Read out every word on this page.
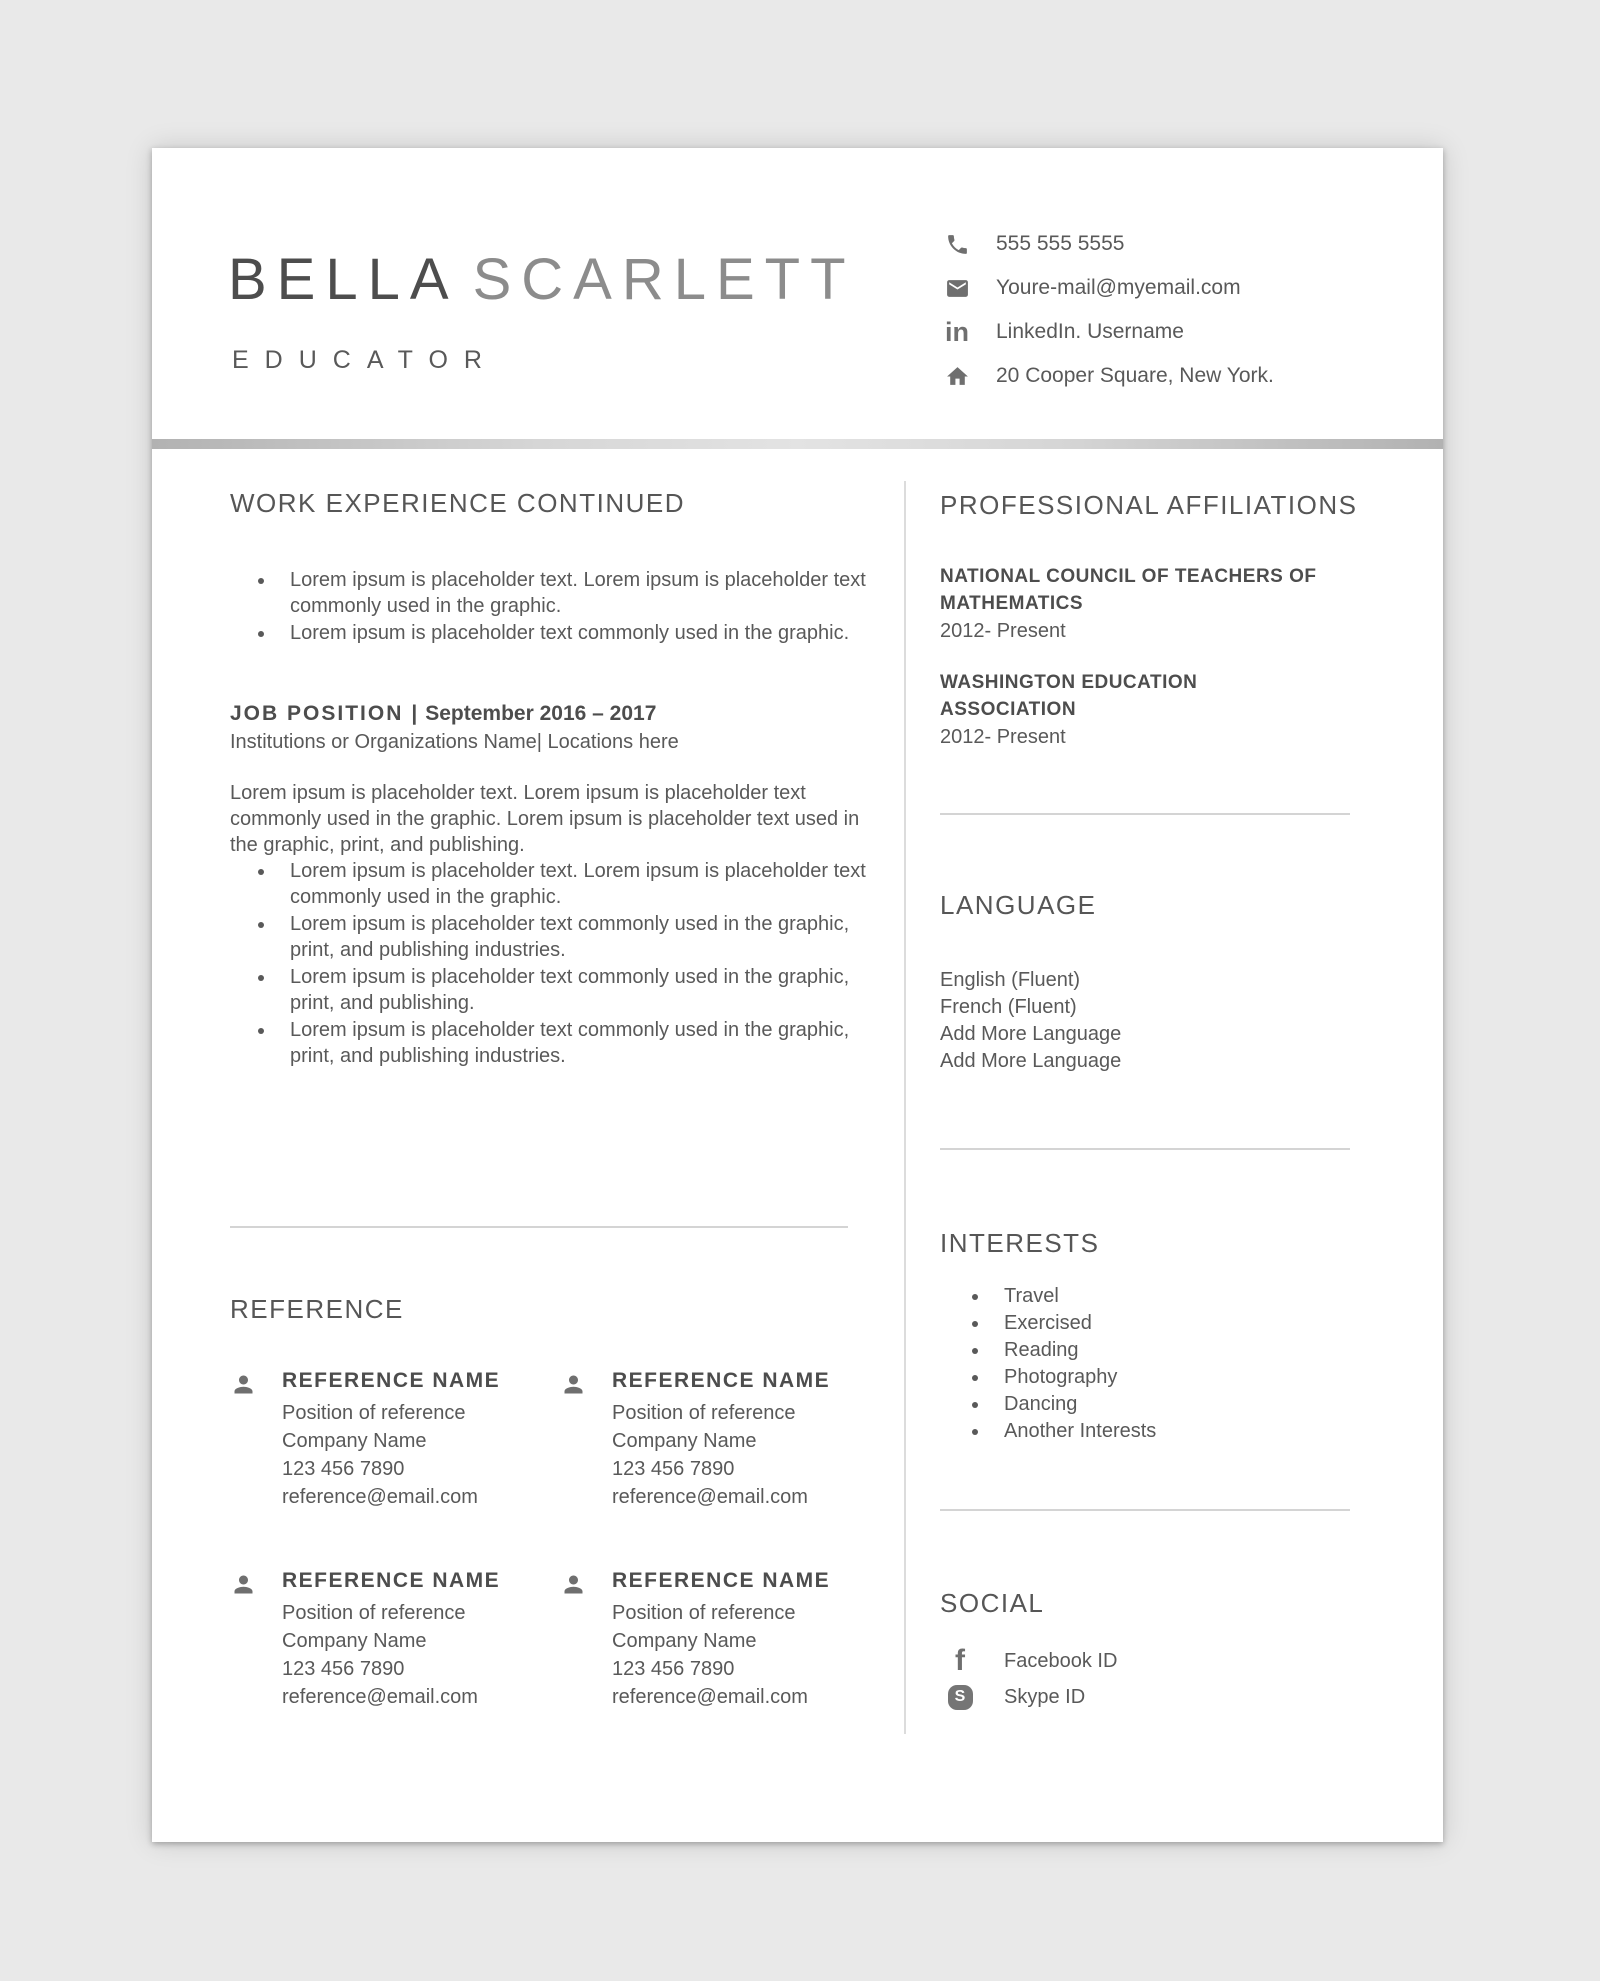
BELLA SCARLETT
EDUCATOR
555 555 5555
Youre-mail@myemail.com
in
LinkedIn. Username
20 Cooper Square, New York.
WORK EXPERIENCE CONTINUED
• Lorem ipsum is placeholder text. Lorem ipsum is placeholder text commonly used in the graphic.
• Lorem ipsum is placeholder text commonly used in the graphic.
JOB POSITION | September 2016 – 2017
Institutions or Organizations Name| Locations here
Lorem ipsum is placeholder text. Lorem ipsum is placeholder text commonly used in the graphic. Lorem ipsum is placeholder text used in the graphic, print, and publishing.
• Lorem ipsum is placeholder text. Lorem ipsum is placeholder text commonly used in the graphic.
• Lorem ipsum is placeholder text commonly used in the graphic, print, and publishing industries.
• Lorem ipsum is placeholder text commonly used in the graphic, print, and publishing.
• Lorem ipsum is placeholder text commonly used in the graphic, print, and publishing industries.
REFERENCE
REFERENCE NAME
Position of reference
Company Name
123 456 7890
reference@email.com
REFERENCE NAME
Position of reference
Company Name
123 456 7890
reference@email.com
REFERENCE NAME
Position of reference
Company Name
123 456 7890
reference@email.com
REFERENCE NAME
Position of reference
Company Name
123 456 7890
reference@email.com
PROFESSIONAL AFFILIATIONS
NATIONAL COUNCIL OF TEACHERS OF MATHEMATICS
2012- Present
WASHINGTON EDUCATION ASSOCIATION
2012- Present
LANGUAGE
English (Fluent)
French (Fluent)
Add More Language
Add More Language
INTERESTS
• Travel
• Exercised
• Reading
• Photography
• Dancing
• Another Interests
SOCIAL
f
Facebook ID
S
Skype ID
